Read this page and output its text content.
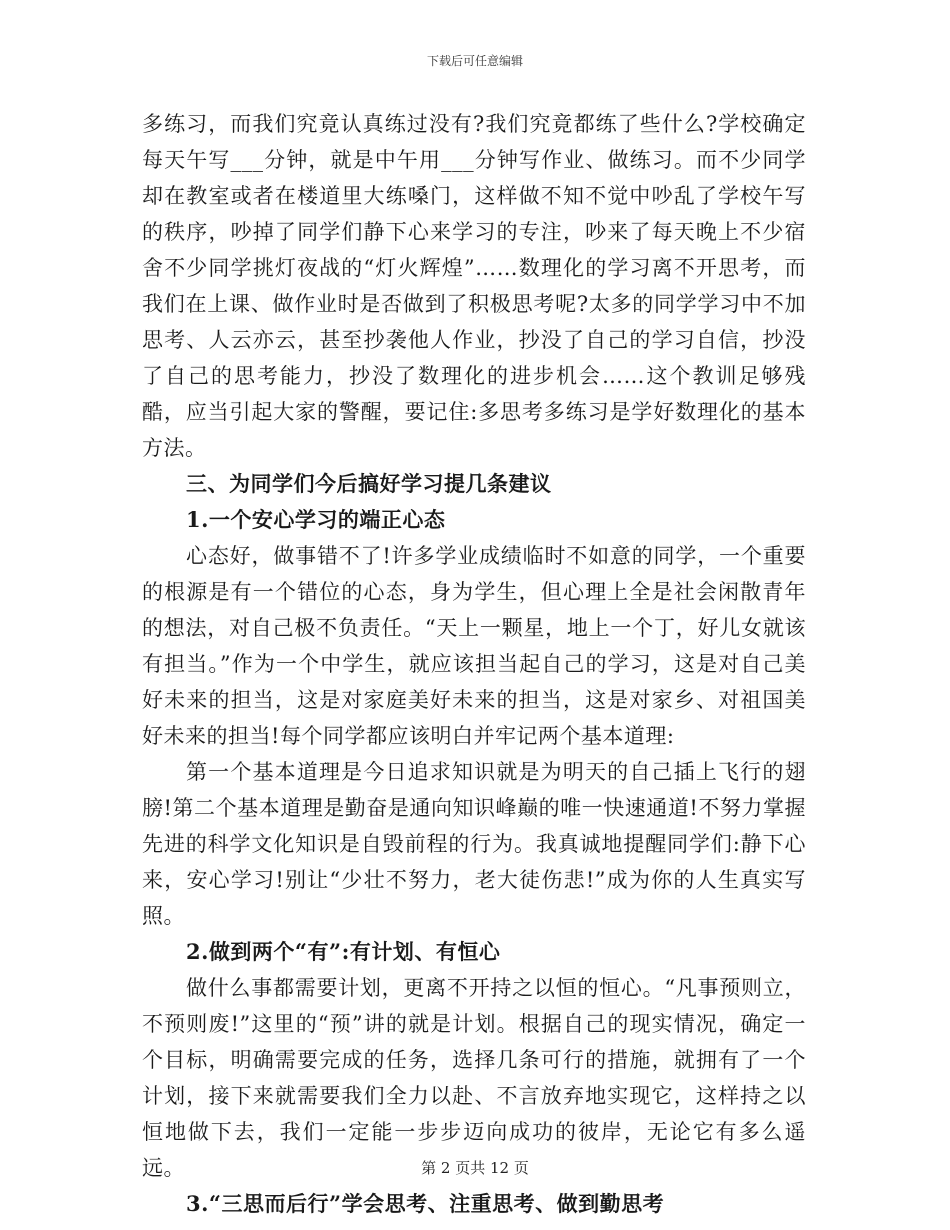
下载后可任意编辑

多练习，而我们究竟认真练过没有?我们究竟都练了些什么?学校确定每天午写___分钟，就是中午用___分钟写作业、做练习。而不少同学却在教室或者在楼道里大练嗓门，这样做不知不觉中吵乱了学校午写的秩序，吵掉了同学们静下心来学习的专注，吵来了每天晚上不少宿舍不少同学挑灯夜战的“灯火辉煌”……数理化的学习离不开思考，而我们在上课、做作业时是否做到了积极思考呢?太多的同学学习中不加思考、人云亦云，甚至抄袭他人作业，抄没了自己的学习自信，抄没了自己的思考能力，抄没了数理化的进步机会……这个教训足够残酷，应当引起大家的警醒，要记住:多思考多练习是学好数理化的基本方法。

三、为同学们今后搞好学习提几条建议

1.一个安心学习的端正心态

心态好，做事错不了!许多学业成绩临时不如意的同学，一个重要的根源是有一个错位的心态，身为学生，但心理上全是社会闲散青年的想法，对自己极不负责任。“天上一颗星，地上一个丁，好儿女就该有担当。”作为一个中学生，就应该担当起自己的学习，这是对自己美好未来的担当，这是对家庭美好未来的担当，这是对家乡、对祖国美好未来的担当!每个同学都应该明白并牢记两个基本道理:

第一个基本道理是今日追求知识就是为明天的自己插上飞行的翅膀!第二个基本道理是勤奋是通向知识峰巅的唯一快速通道!不努力掌握先进的科学文化知识是自毁前程的行为。我真诚地提醒同学们:静下心来，安心学习!别让“少壮不努力，老大徒伤悲!”成为你的人生真实写照。

2.做到两个“有”:有计划、有恒心

做什么事都需要计划，更离不开持之以恒的恒心。“凡事预则立，不预则废!”这里的“预”讲的就是计划。根据自己的现实情况，确定一个目标，明确需要完成的任务，选择几条可行的措施，就拥有了一个计划，接下来就需要我们全力以赴、不言放弃地实现它，这样持之以恒地做下去，我们一定能一步步迈向成功的彼岸，无论它有多么遥远。

3.“三思而后行”学会思考、注重思考、做到勤思考

第 2 页共 12 页
